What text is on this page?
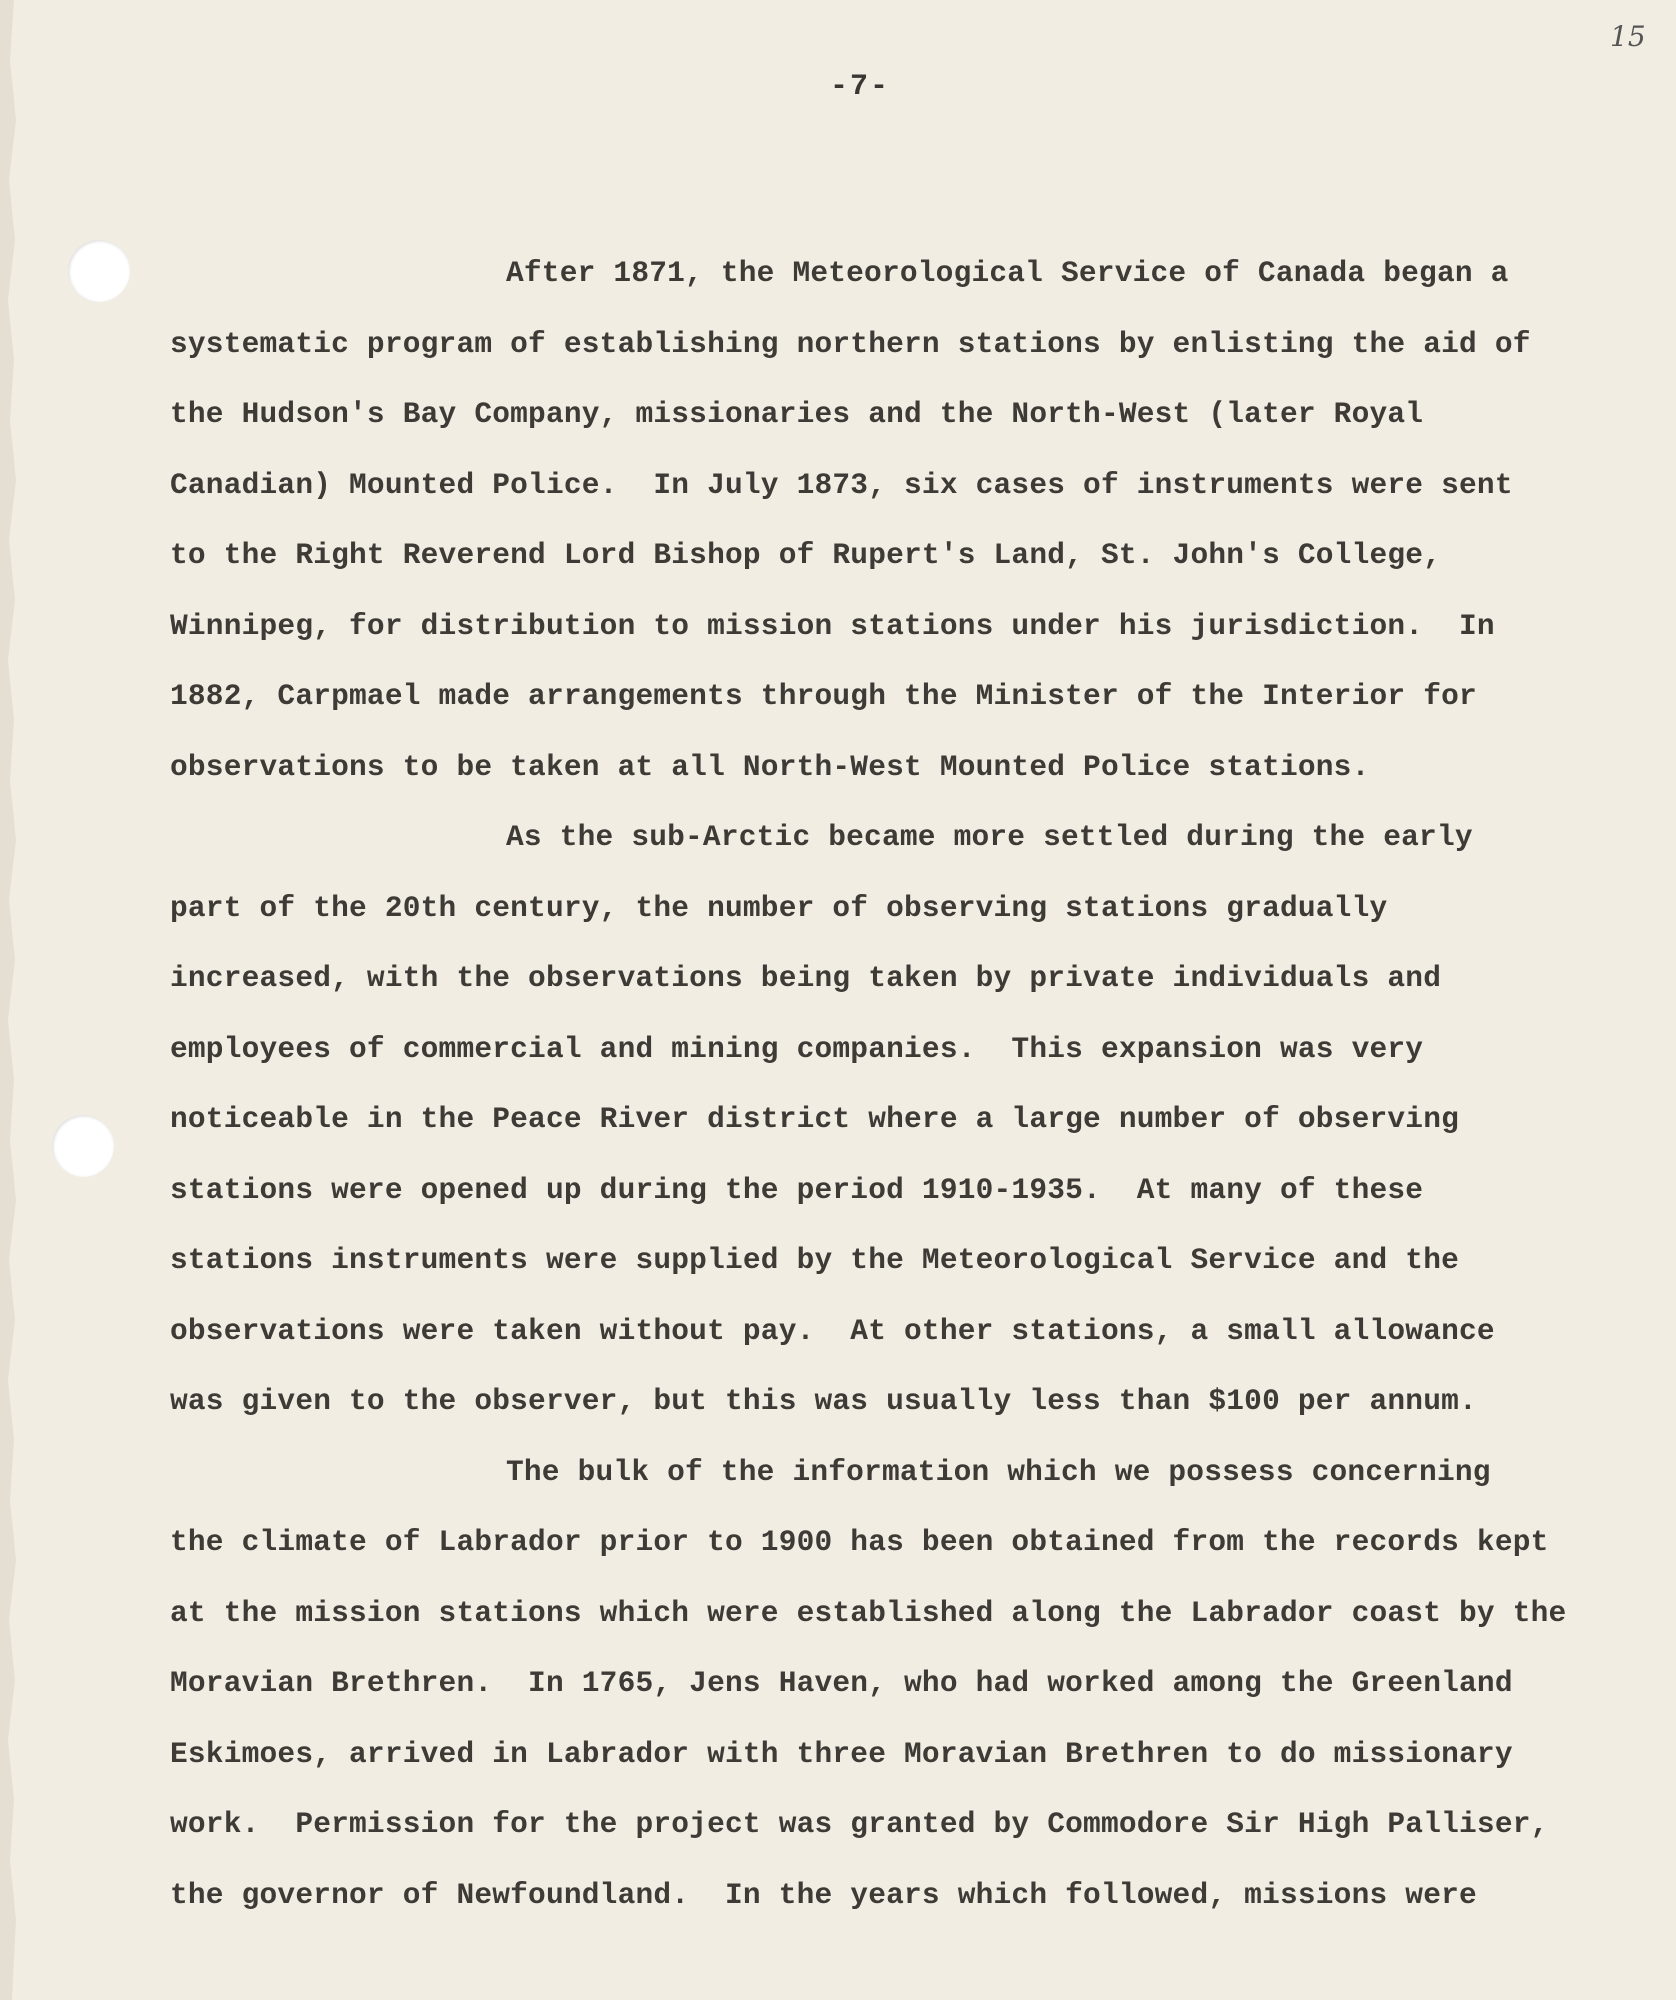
-7-
15
After 1871, the Meteorological Service of Canada began a
systematic program of establishing northern stations by enlisting the aid of
the Hudson's Bay Company, missionaries and the North-West (later Royal
Canadian) Mounted Police.  In July 1873, six cases of instruments were sent
to the Right Reverend Lord Bishop of Rupert's Land, St. John's College,
Winnipeg, for distribution to mission stations under his jurisdiction.  In
1882, Carpmael made arrangements through the Minister of the Interior for
observations to be taken at all North-West Mounted Police stations.
As the sub-Arctic became more settled during the early
part of the 20th century, the number of observing stations gradually
increased, with the observations being taken by private individuals and
employees of commercial and mining companies.  This expansion was very
noticeable in the Peace River district where a large number of observing
stations were opened up during the period 1910-1935.  At many of these
stations instruments were supplied by the Meteorological Service and the
observations were taken without pay.  At other stations, a small allowance
was given to the observer, but this was usually less than $100 per annum.
The bulk of the information which we possess concerning
the climate of Labrador prior to 1900 has been obtained from the records kept
at the mission stations which were established along the Labrador coast by the
Moravian Brethren.  In 1765, Jens Haven, who had worked among the Greenland
Eskimoes, arrived in Labrador with three Moravian Brethren to do missionary
work.  Permission for the project was granted by Commodore Sir High Palliser,
the governor of Newfoundland.  In the years which followed, missions were
